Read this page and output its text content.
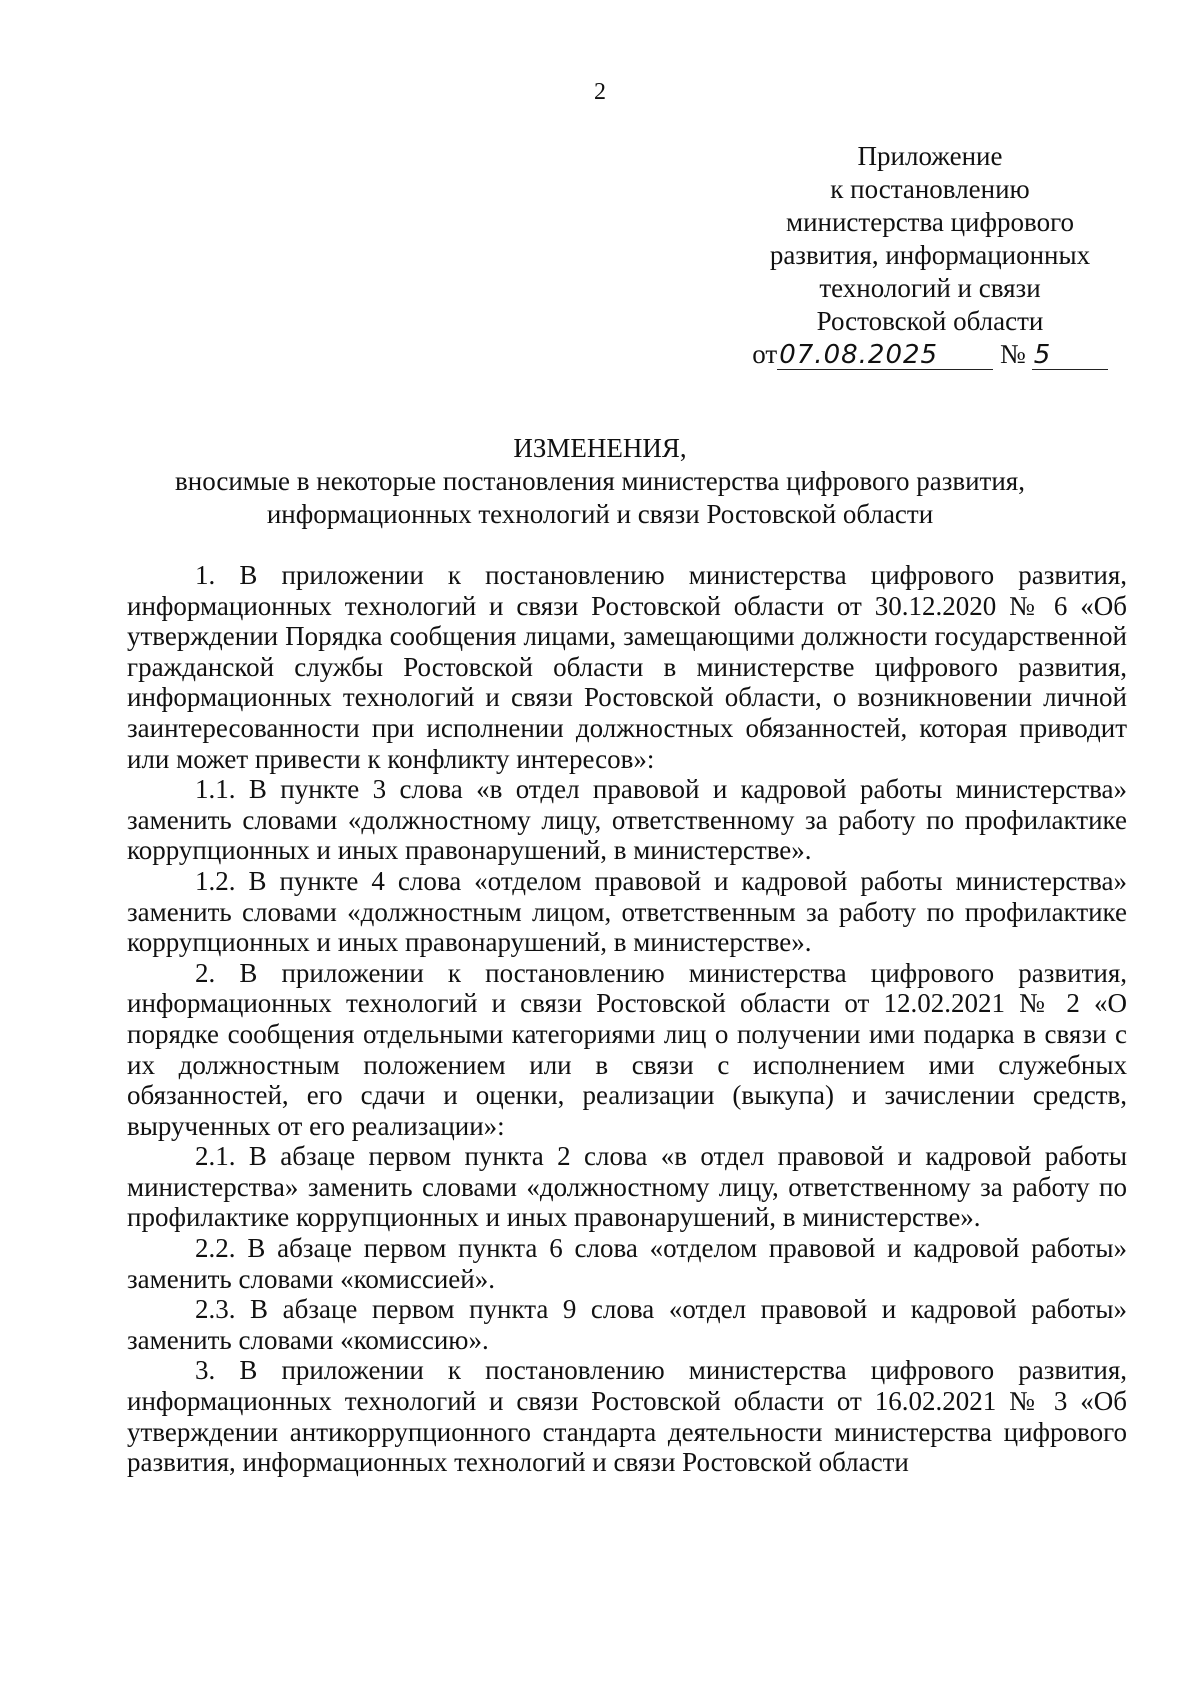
2
Приложение
к постановлению
министерства цифрового
развития, информационных
технологий и связи
Ростовской области
от07.08.2025 № 5
ИЗМЕНЕНИЯ,
вносимые в некоторые постановления министерства цифрового развития,
информационных технологий и связи Ростовской области

1. В приложении к постановлению министерства цифрового развития, информационных технологий и связи Ростовской области от 30.12.2020 № 6 «Об утверждении Порядка сообщения лицами, замещающими должности государственной гражданской службы Ростовской области в министерстве цифрового развития, информационных технологий и связи Ростовской области, о возникновении личной заинтересованности при исполнении должностных обязанностей, которая приводит или может привести к конфликту интересов»:

1.1. В пункте 3 слова «в отдел правовой и кадровой работы министерства» заменить словами «должностному лицу, ответственному за работу по профилактике коррупционных и иных правонарушений, в министерстве».

1.2. В пункте 4 слова «отделом правовой и кадровой работы министерства» заменить словами «должностным лицом, ответственным за работу по профилактике коррупционных и иных правонарушений, в министерстве».

2. В приложении к постановлению министерства цифрового развития, информационных технологий и связи Ростовской области от 12.02.2021 № 2 «О порядке сообщения отдельными категориями лиц о получении ими подарка в связи с их должностным положением или в связи с исполнением ими служебных обязанностей, его сдачи и оценки, реализации (выкупа) и зачислении средств, вырученных от его реализации»:

2.1. В абзаце первом пункта 2 слова «в отдел правовой и кадровой работы министерства» заменить словами «должностному лицу, ответственному за работу по профилактике коррупционных и иных правонарушений, в министерстве».

2.2. В абзаце первом пункта 6 слова «отделом правовой и кадровой работы» заменить словами «комиссией».

2.3. В абзаце первом пункта 9 слова «отдел правовой и кадровой работы» заменить словами «комиссию».

3. В приложении к постановлению министерства цифрового развития, информационных технологий и связи Ростовской области от 16.02.2021 № 3 «Об утверждении антикоррупционного стандарта деятельности министерства цифрового развития, информационных технологий и связи Ростовской области
